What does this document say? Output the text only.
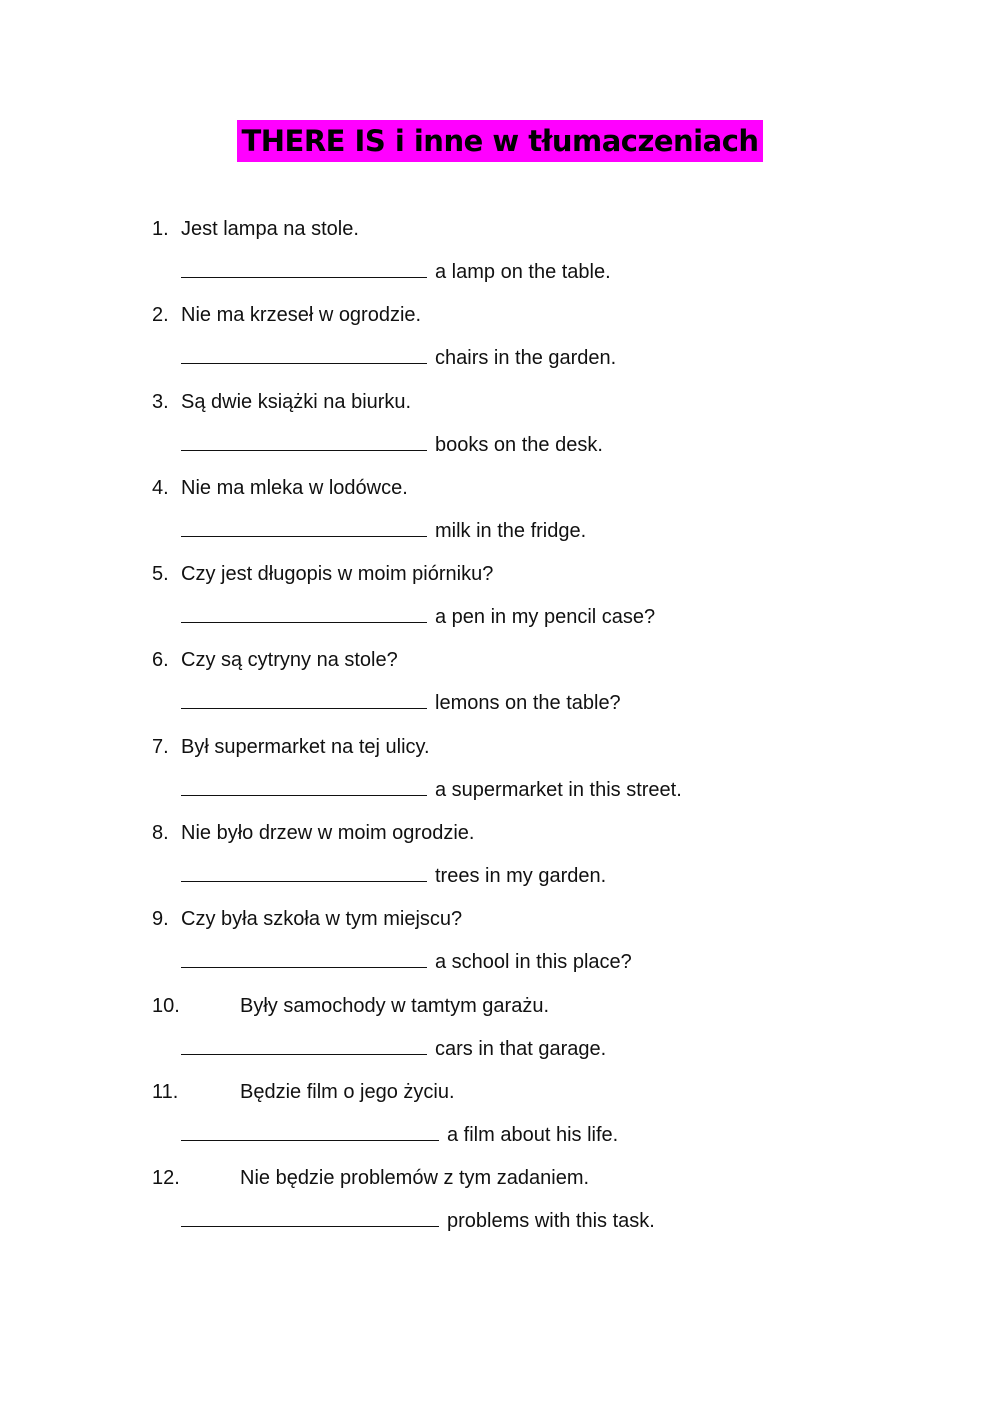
THERE IS i inne w tłumaczeniach
1. Jest lampa na stole.
a lamp on the table.
2. Nie ma krzeseł w ogrodzie.
chairs in the garden.
3. Są dwie książki na biurku.
books on the desk.
4. Nie ma mleka w lodówce.
milk in the fridge.
5. Czy jest długopis w moim piórniku?
a pen in my pencil case?
6. Czy są cytryny na stole?
lemons on the table?
7. Był supermarket na tej ulicy.
a supermarket in this street.
8. Nie było drzew w moim ogrodzie.
trees in my garden.
9. Czy była szkoła w tym miejscu?
a school in this place?
10.	Były samochody w tamtym garażu.
cars in that garage.
11.	Będzie film o jego życiu.
a film about his life.
12.	Nie będzie problemów z tym zadaniem.
problems with this task.
